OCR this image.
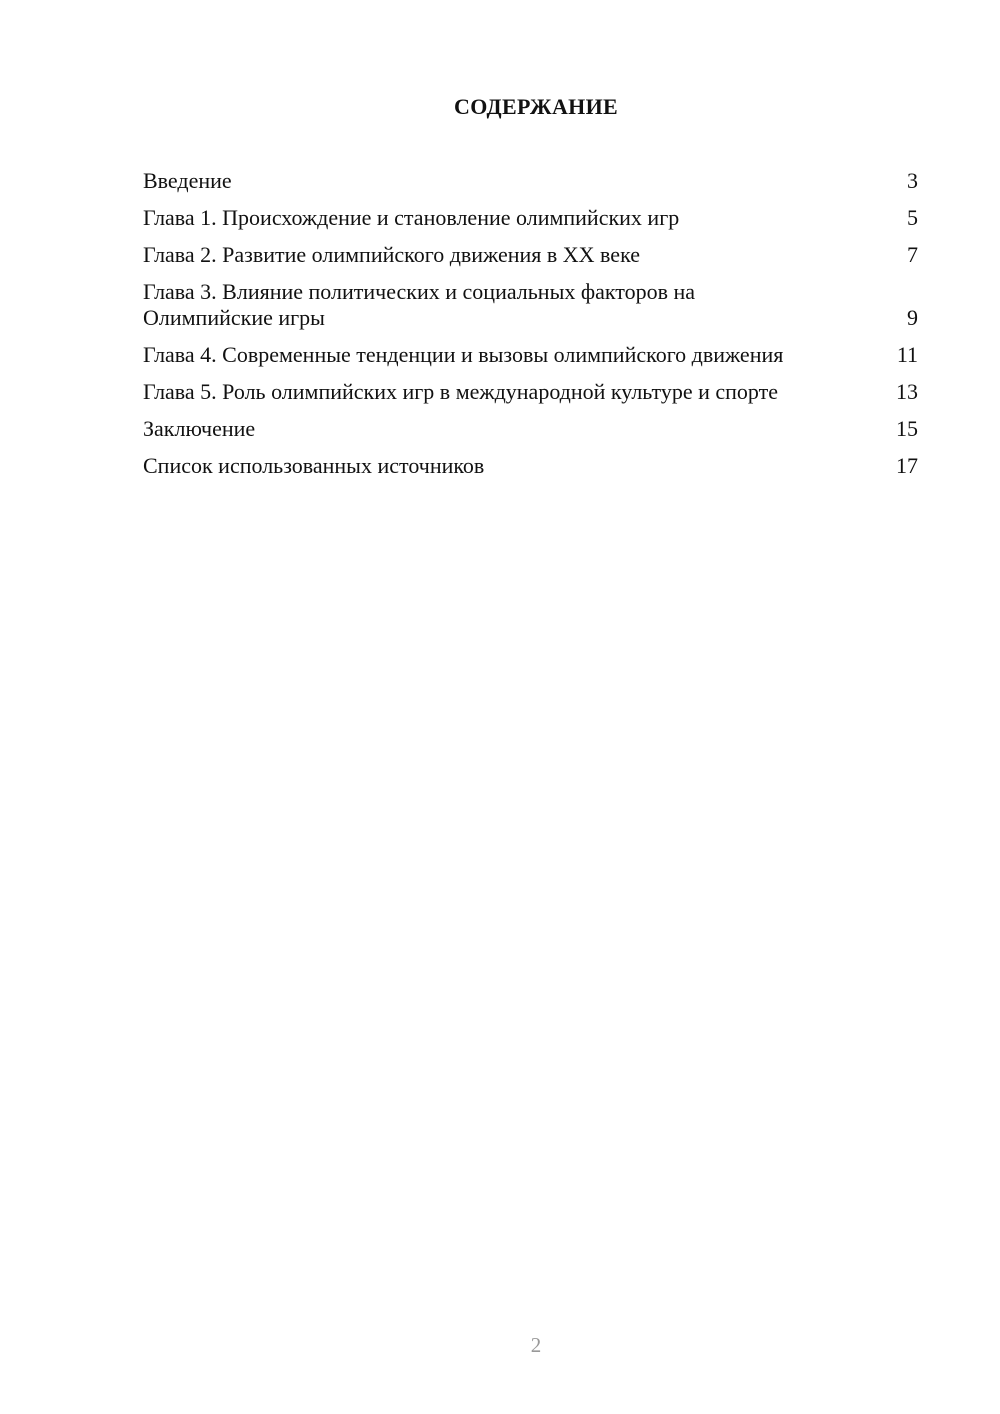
СОДЕРЖАНИЕ
Введение	3
Глава 1. Происхождение и становление олимпийских игр	5
Глава 2. Развитие олимпийского движения в XX веке	7
Глава 3. Влияние политических и социальных факторов на Олимпийские игры	9
Глава 4. Современные тенденции и вызовы олимпийского движения	11
Глава 5. Роль олимпийских игр в международной культуре и спорте	13
Заключение	15
Список использованных источников	17
2
